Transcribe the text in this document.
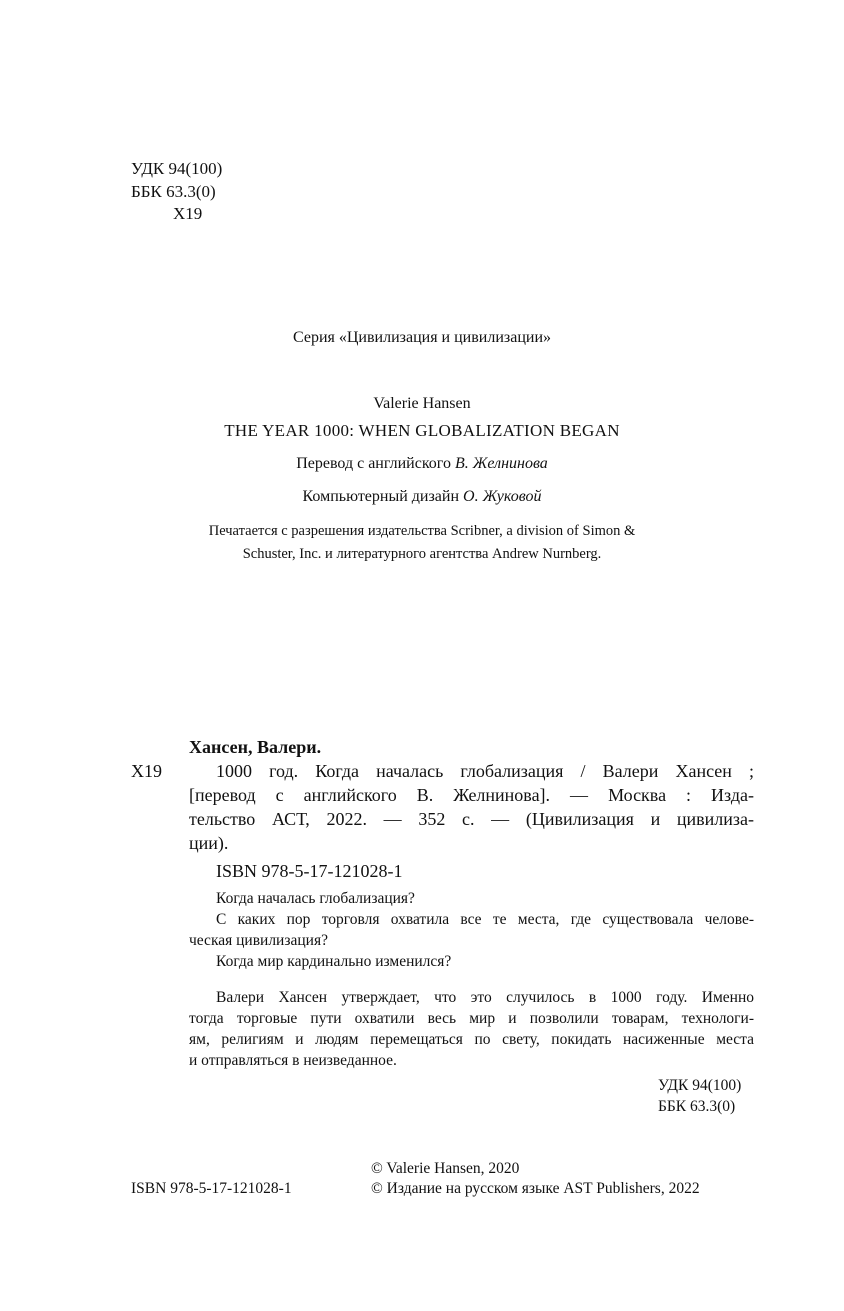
УДК 94(100)

ББК 63.3(0)

Х19

Серия «Цивилизация и цивилизации»

Valerie Hansen

THE YEAR 1000: WHEN GLOBALIZATION BEGAN

Перевод с английского В. Желнинова

Компьютерный дизайн О. Жуковой

Печатается с разрешения издательства Scribner, a division of Simon &
Schuster, Inc. и литературного агентства Andrew Nurnberg.

Хансен, Валери.

Х19	1000 год. Когда началась глобализация / Валери Хансен ;
[перевод с английского В. Желнинова]. — Москва : Изда-
тельство АСТ, 2022. — 352 с. — (Цивилизация и цивилиза-
ции).

ISBN 978-5-17-121028-1

Когда началась глобализация?
С каких пор торговля охватила все те места, где существовала челове-
ческая цивилизация?
Когда мир кардинально изменился?
Валери Хансен утверждает, что это случилось в 1000 году. Именно
тогда торговые пути охватили весь мир и позволили товарам, технологи-
ям, религиям и людям перемещаться по свету, покидать насиженные места
и отправляться в неизведанное.

УДК 94(100)

ББК 63.3(0)

© Valerie Hansen, 2020

ISBN 978-5-17-121028-1	© Издание на русском языке AST Publishers, 2022
